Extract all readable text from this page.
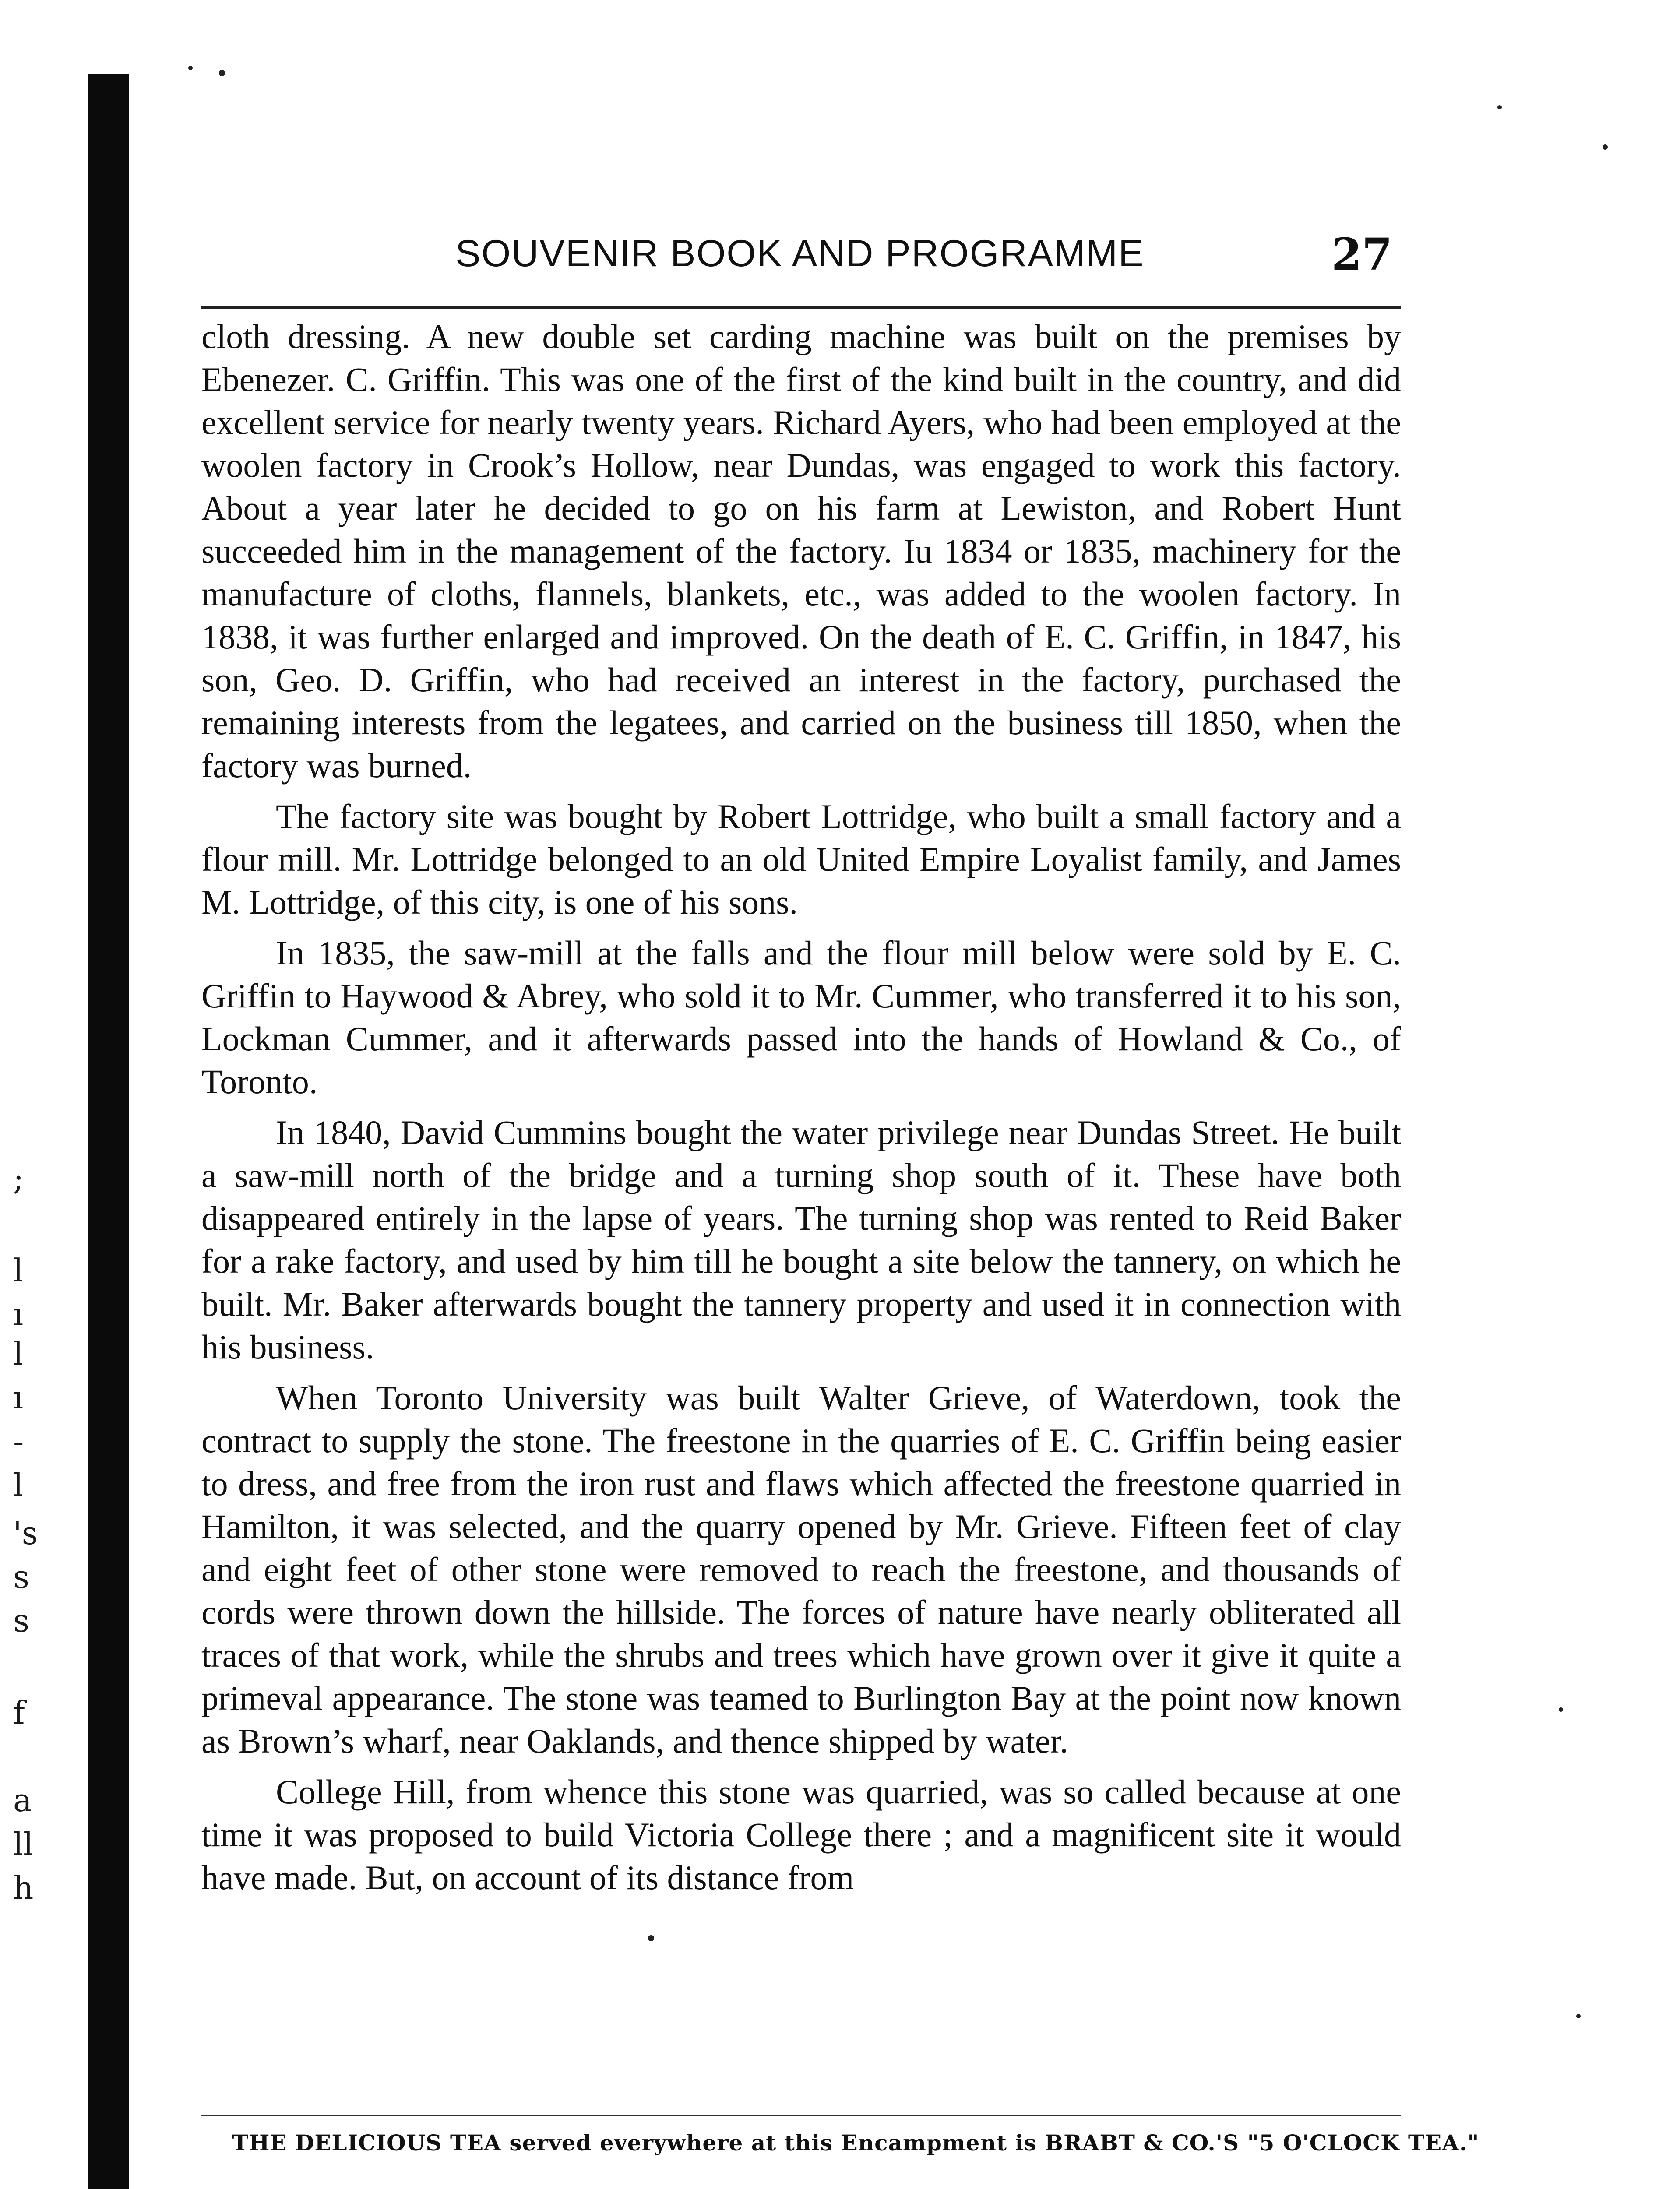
;
l
ı
l
ı
-
l
's
s
s
f
a
ll
h
SOUVENIR BOOK AND PROGRAMME	27

cloth dressing. A new double set carding machine was built on the premises by Ebenezer. C. Griffin. This was one of the first of the kind built in the country, and did excellent service for nearly twenty years. Richard Ayers, who had been employed at the woolen factory in Crook’s Hollow, near Dundas, was engaged to work this factory. About a year later he decided to go on his farm at Lewiston, and Robert Hunt succeeded him in the management of the factory. Iu 1834 or 1835, machinery for the manufacture of cloths, flannels, blankets, etc., was added to the woolen factory. In 1838, it was further enlarged and improved. On the death of E. C. Griffin, in 1847, his son, Geo. D. Griffin, who had received an interest in the factory, purchased the remaining interests from the legatees, and carried on the business till 1850, when the factory was burned.

The factory site was bought by Robert Lottridge, who built a small factory and a flour mill. Mr. Lottridge belonged to an old United Empire Loyalist family, and James M. Lottridge, of this city, is one of his sons.

In 1835, the saw-mill at the falls and the flour mill below were sold by E. C. Griffin to Haywood & Abrey, who sold it to Mr. Cummer, who transferred it to his son, Lockman Cummer, and it afterwards passed into the hands of Howland & Co., of Toronto.

In 1840, David Cummins bought the water privilege near Dundas Street. He built a saw-mill north of the bridge and a turning shop south of it. These have both disappeared entirely in the lapse of years. The turning shop was rented to Reid Baker for a rake factory, and used by him till he bought a site below the tannery, on which he built. Mr. Baker afterwards bought the tannery property and used it in connection with his business.

When Toronto University was built Walter Grieve, of Waterdown, took the contract to supply the stone. The freestone in the quarries of E. C. Griffin being easier to dress, and free from the iron rust and flaws which affected the freestone quarried in Hamilton, it was selected, and the quarry opened by Mr. Grieve. Fifteen feet of clay and eight feet of other stone were removed to reach the freestone, and thousands of cords were thrown down the hillside. The forces of nature have nearly obliterated all traces of that work, while the shrubs and trees which have grown over it give it quite a primeval appearance. The stone was teamed to Burlington Bay at the point now known as Brown’s wharf, near Oaklands, and thence shipped by water.

College Hill, from whence this stone was quarried, was so called because at one time it was proposed to build Victoria College there ; and a magnificent site it would have made. But, on account of its distance from

THE DELICIOUS TEA served everywhere at this Encampment is BRABT & CO.'S "5 O'CLOCK TEA."
